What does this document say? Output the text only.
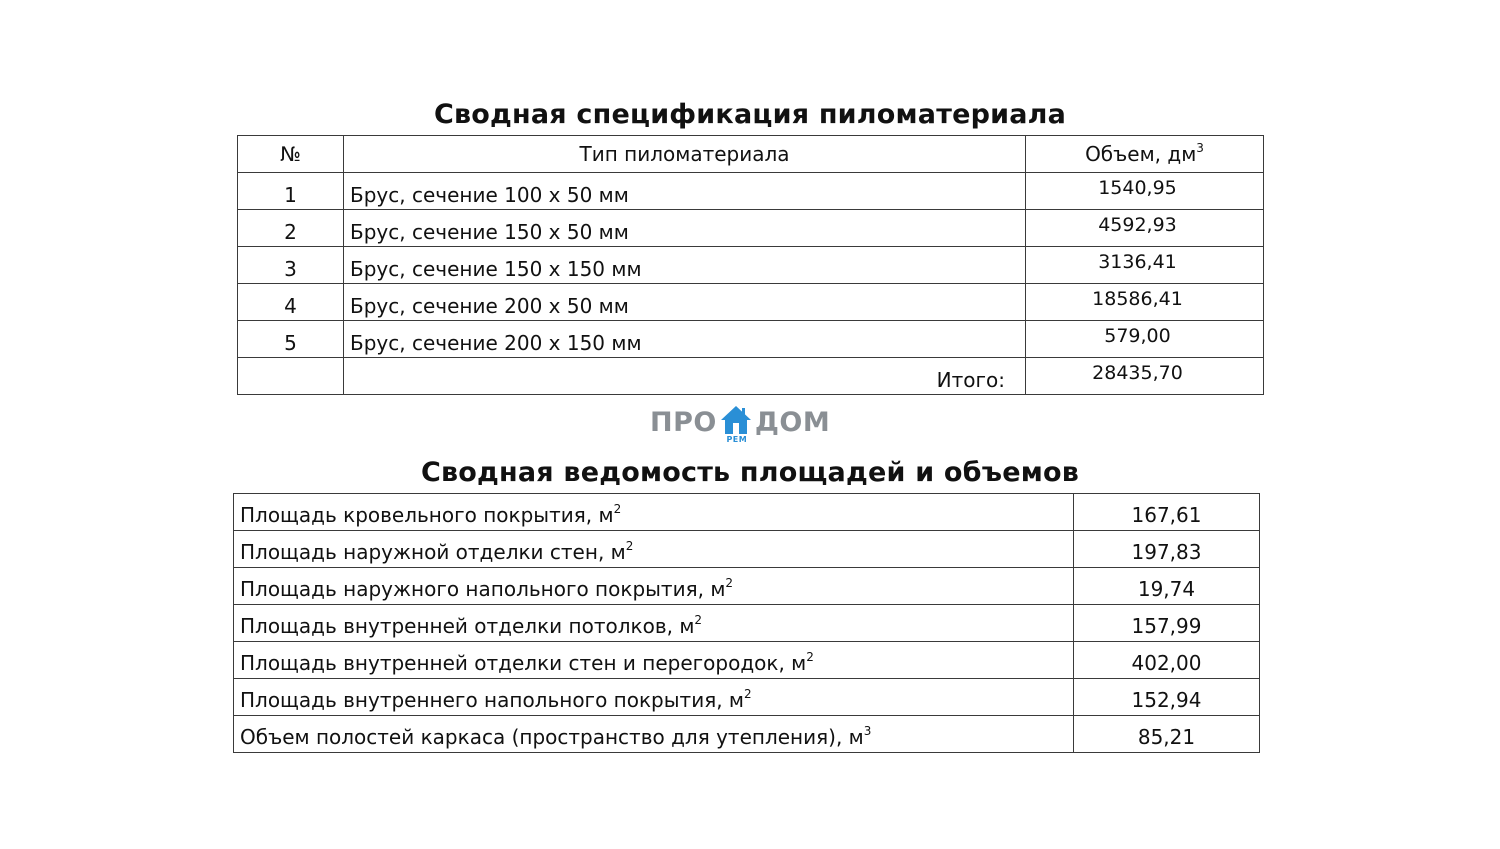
Сводная спецификация пиломатериала
№	Тип пиломатериала	Объем, $дм^3$
1	Брус, сечение 100 х 50 мм	1540,95
2	Брус, сечение 150 х 50 мм	4592,93
3	Брус, сечение 150 х 150 мм	3136,41
4	Брус, сечение 200 х 50 мм	18586,41
5	Брус, сечение 200 х 150 мм	579,00
	Итого:	28435,70
ПРО
РЕМ
ДОМ
Сводная ведомость площадей и объемов
Площадь кровельного покрытия, $м^2$	167,61
Площадь наружной отделки стен, $м^2$	197,83
Площадь наружного напольного покрытия, $м^2$	19,74
Площадь внутренней отделки потолков, $м^2$	157,99
Площадь внутренней отделки стен и перегородок, $м^2$	402,00
Площадь внутреннего напольного покрытия, $м^2$	152,94
Объем полостей каркаса (пространство для утепления), $м^3$	85,21
